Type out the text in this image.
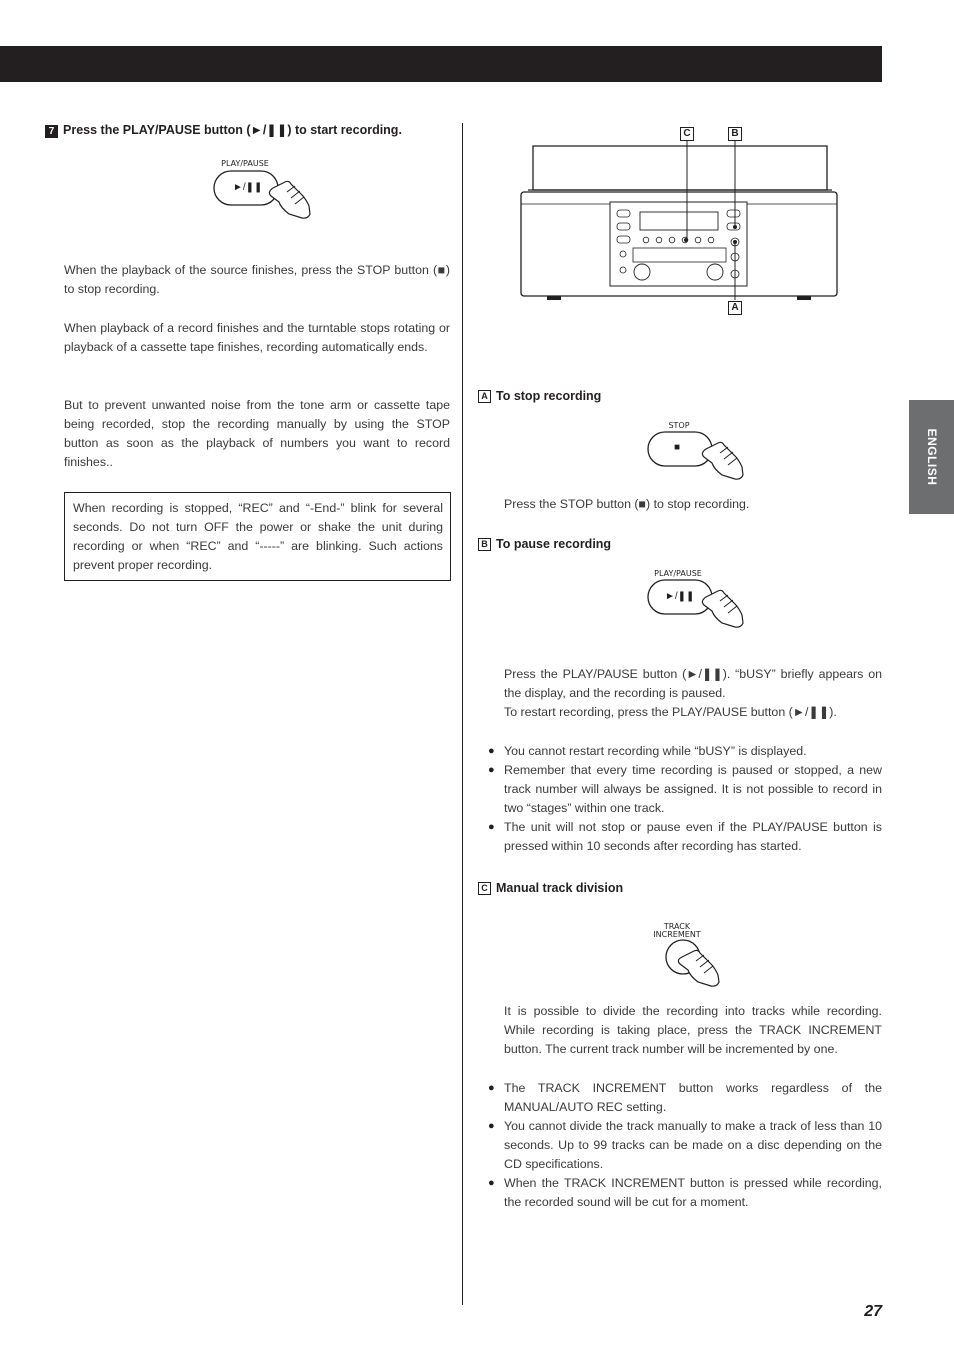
ENGLISH
7 Press the PLAY/PAUSE button (►/❚❚) to start recording.
PLAY/PAUSE
►/❚❚

When the playback of the source finishes, press the STOP button (■) to stop recording.

When playback of a record finishes and the turntable stops rotating or playback of a cassette tape finishes, recording automatically ends.

But to prevent unwanted noise from the tone arm or cassette tape being recorded, stop the recording manually by using the STOP button as soon as the playback of numbers you want to record finishes..

When recording is stopped, “REC” and “-End-” blink for several seconds. Do not turn OFF the power or shake the unit during recording or when “REC” and “-----” are blinking. Such actions prevent proper recording.
C	B
A
A To stop recording
STOP
■

Press the STOP button (■) to stop recording.

B To pause recording
PLAY/PAUSE
►/❚❚

Press the PLAY/PAUSE button (►/❚❚). “bUSY” briefly appears on the display, and the recording is paused.

To restart recording, press the PLAY/PAUSE button (►/❚❚).

● You cannot restart recording while “bUSY” is displayed.
● Remember that every time recording is paused or stopped, a new track number will always be assigned. It is not possible to record in two “stages” within one track.
● The unit will not stop or pause even if the PLAY/PAUSE button is pressed within 10 seconds after recording has started.
C Manual track division
TRACK
INCREMENT

It is possible to divide the recording into tracks while recording. While recording is taking place, press the TRACK INCREMENT button. The current track number will be incremented by one.

● The TRACK INCREMENT button works regardless of the MANUAL/AUTO REC setting.
● You cannot divide the track manually to make a track of less than 10 seconds. Up to 99 tracks can be made on a disc depending on the CD specifications.
● When the TRACK INCREMENT button is pressed while recording, the recorded sound will be cut for a moment.
27
